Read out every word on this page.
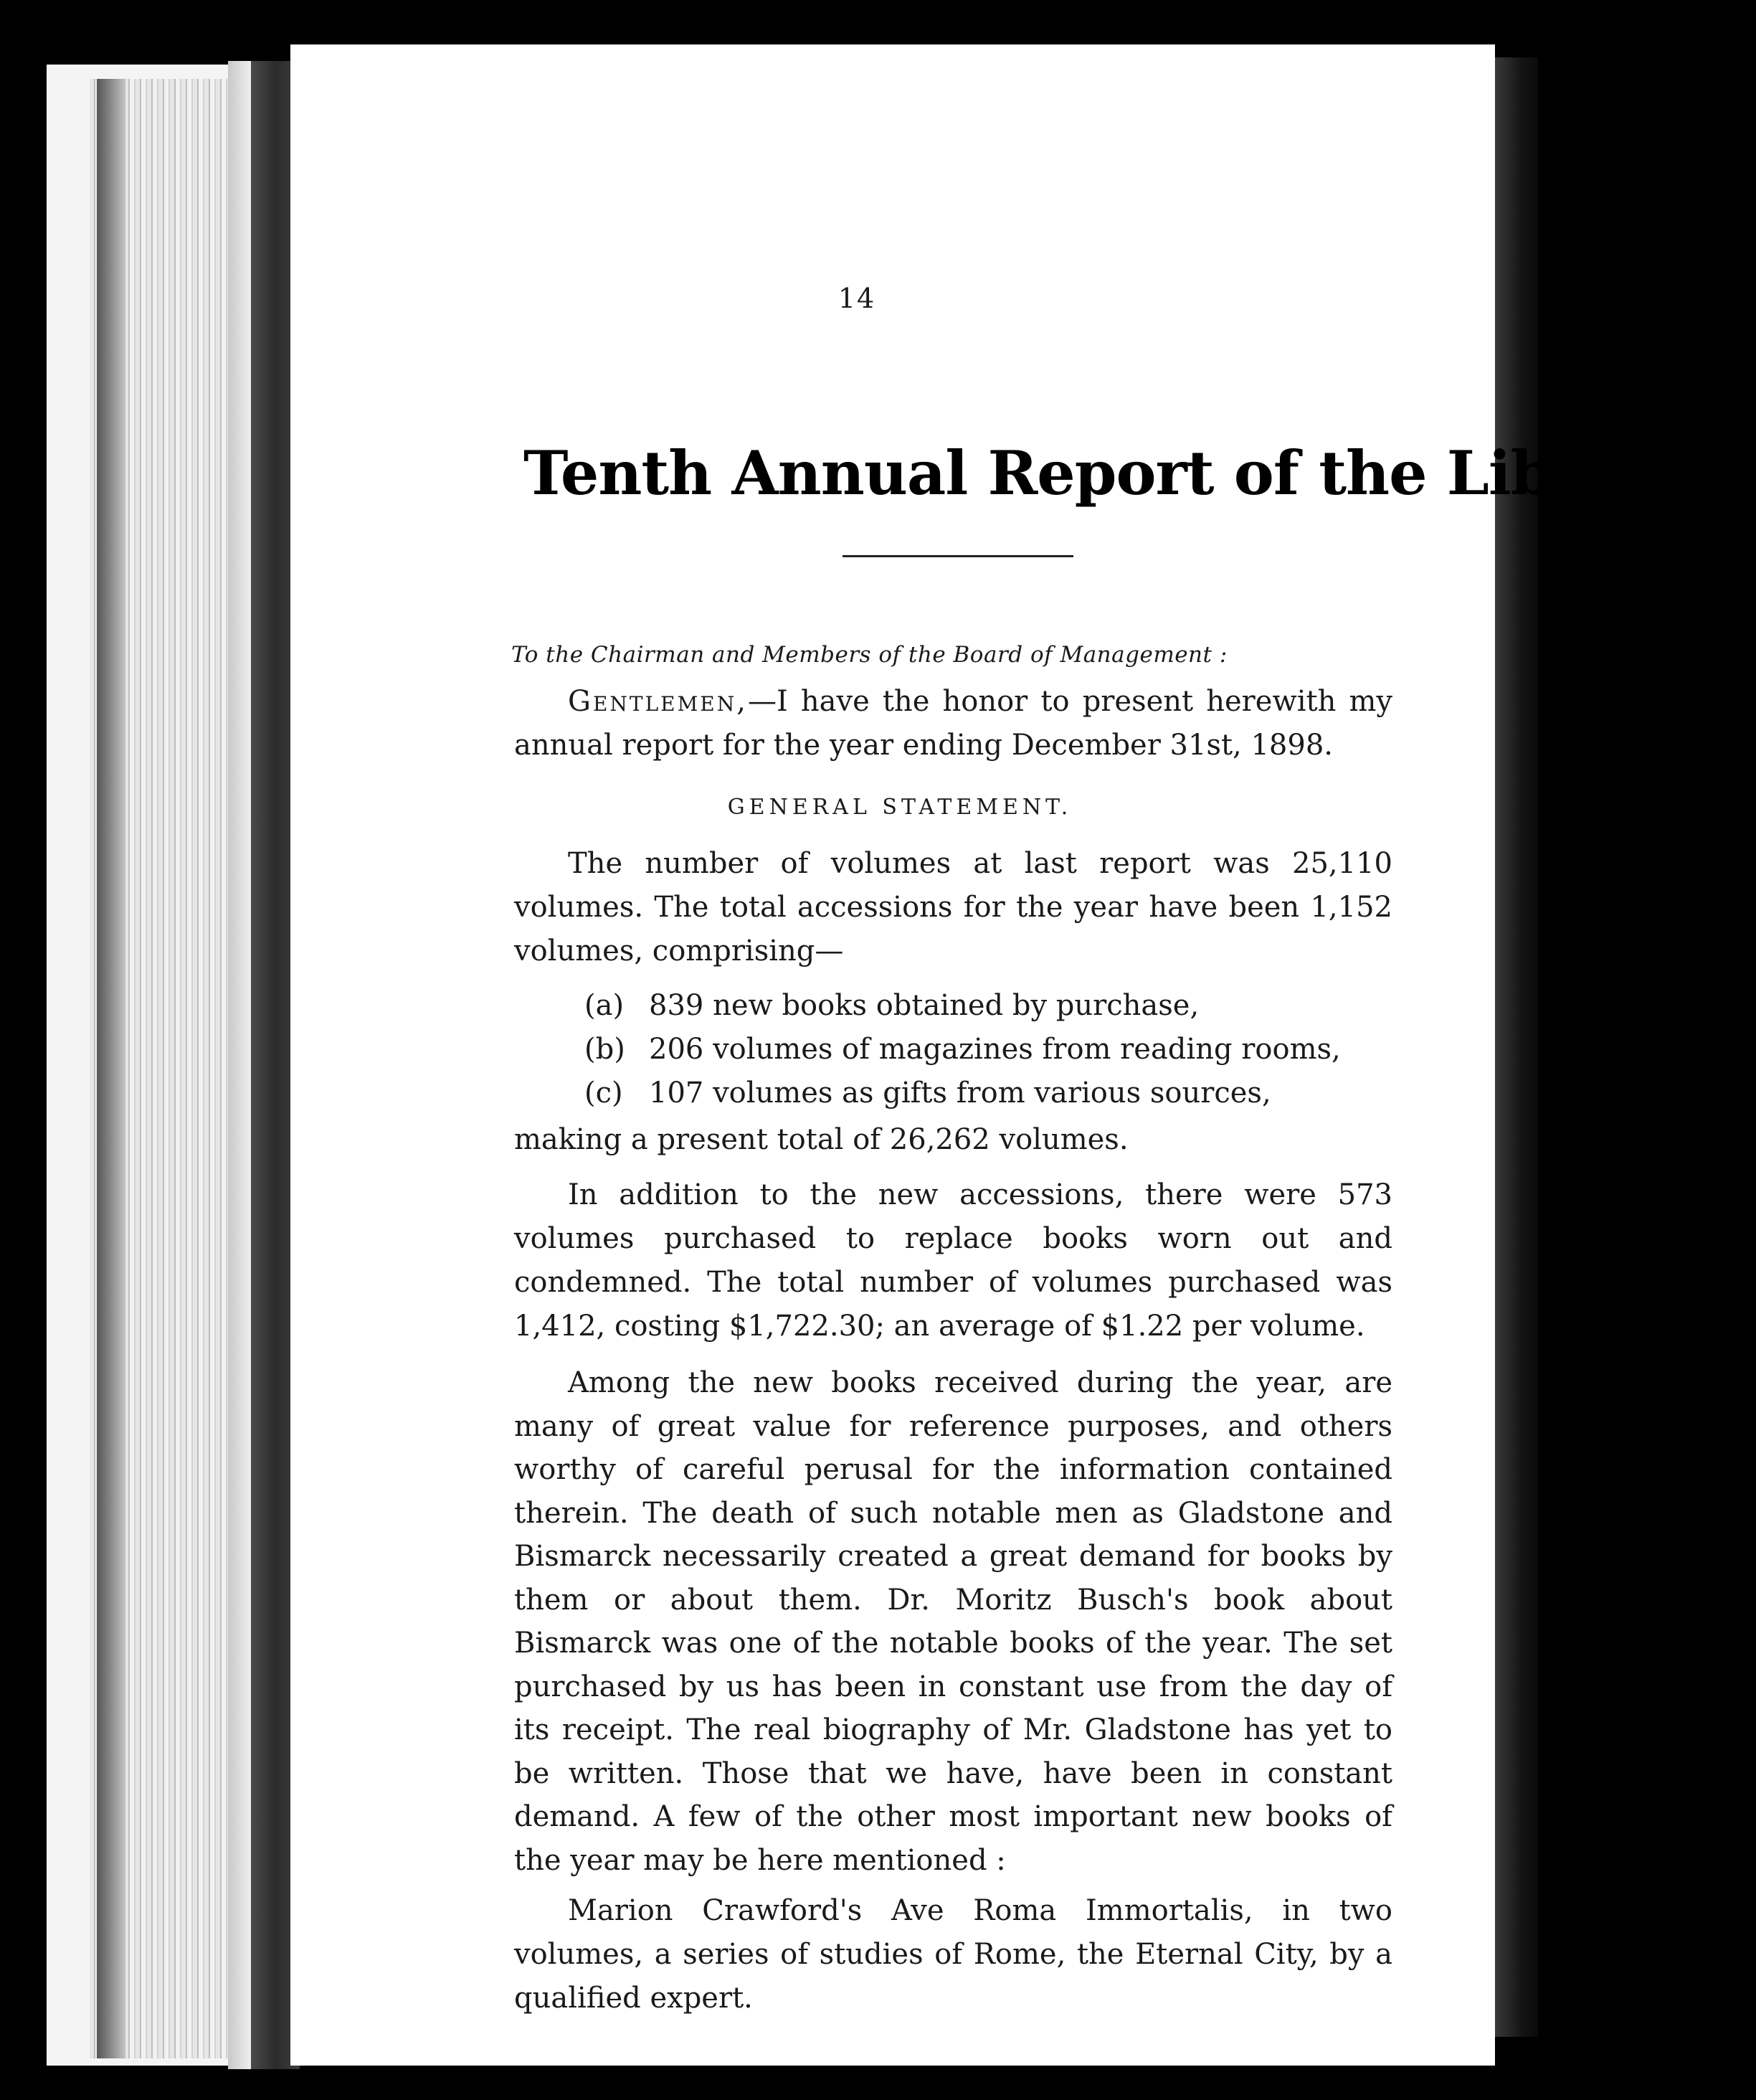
14
Tenth Annual Report of the Librarian
To the Chairman and Members of the Board of Management :

Gentlemen,—I have the honor to present herewith my annual report for the year ending December 31st, 1898.

GENERAL STATEMENT.

The number of volumes at last report was 25,110 volumes. The total accessions for the year have been 1,152 volumes, comprising—

(a) 839 new books obtained by purchase,
(b) 206 volumes of magazines from reading rooms,
(c) 107 volumes as gifts from various sources,

making a present total of 26,262 volumes.

In addition to the new accessions, there were 573 volumes purchased to replace books worn out and condemned. The total number of volumes purchased was 1,412, costing $1,722.30; an average of $1.22 per volume.

Among the new books received during the year, are many of great value for reference purposes, and others worthy of careful perusal for the information contained therein. The death of such notable men as Gladstone and Bismarck necessarily created a great demand for books by them or about them. Dr. Moritz Busch's book about Bismarck was one of the notable books of the year. The set purchased by us has been in constant use from the day of its receipt. The real biography of Mr. Gladstone has yet to be written. Those that we have, have been in constant demand. A few of the other most important new books of the year may be here mentioned :

Marion Crawford's Ave Roma Immortalis, in two volumes, a series of studies of Rome, the Eternal City, by a qualified expert.
